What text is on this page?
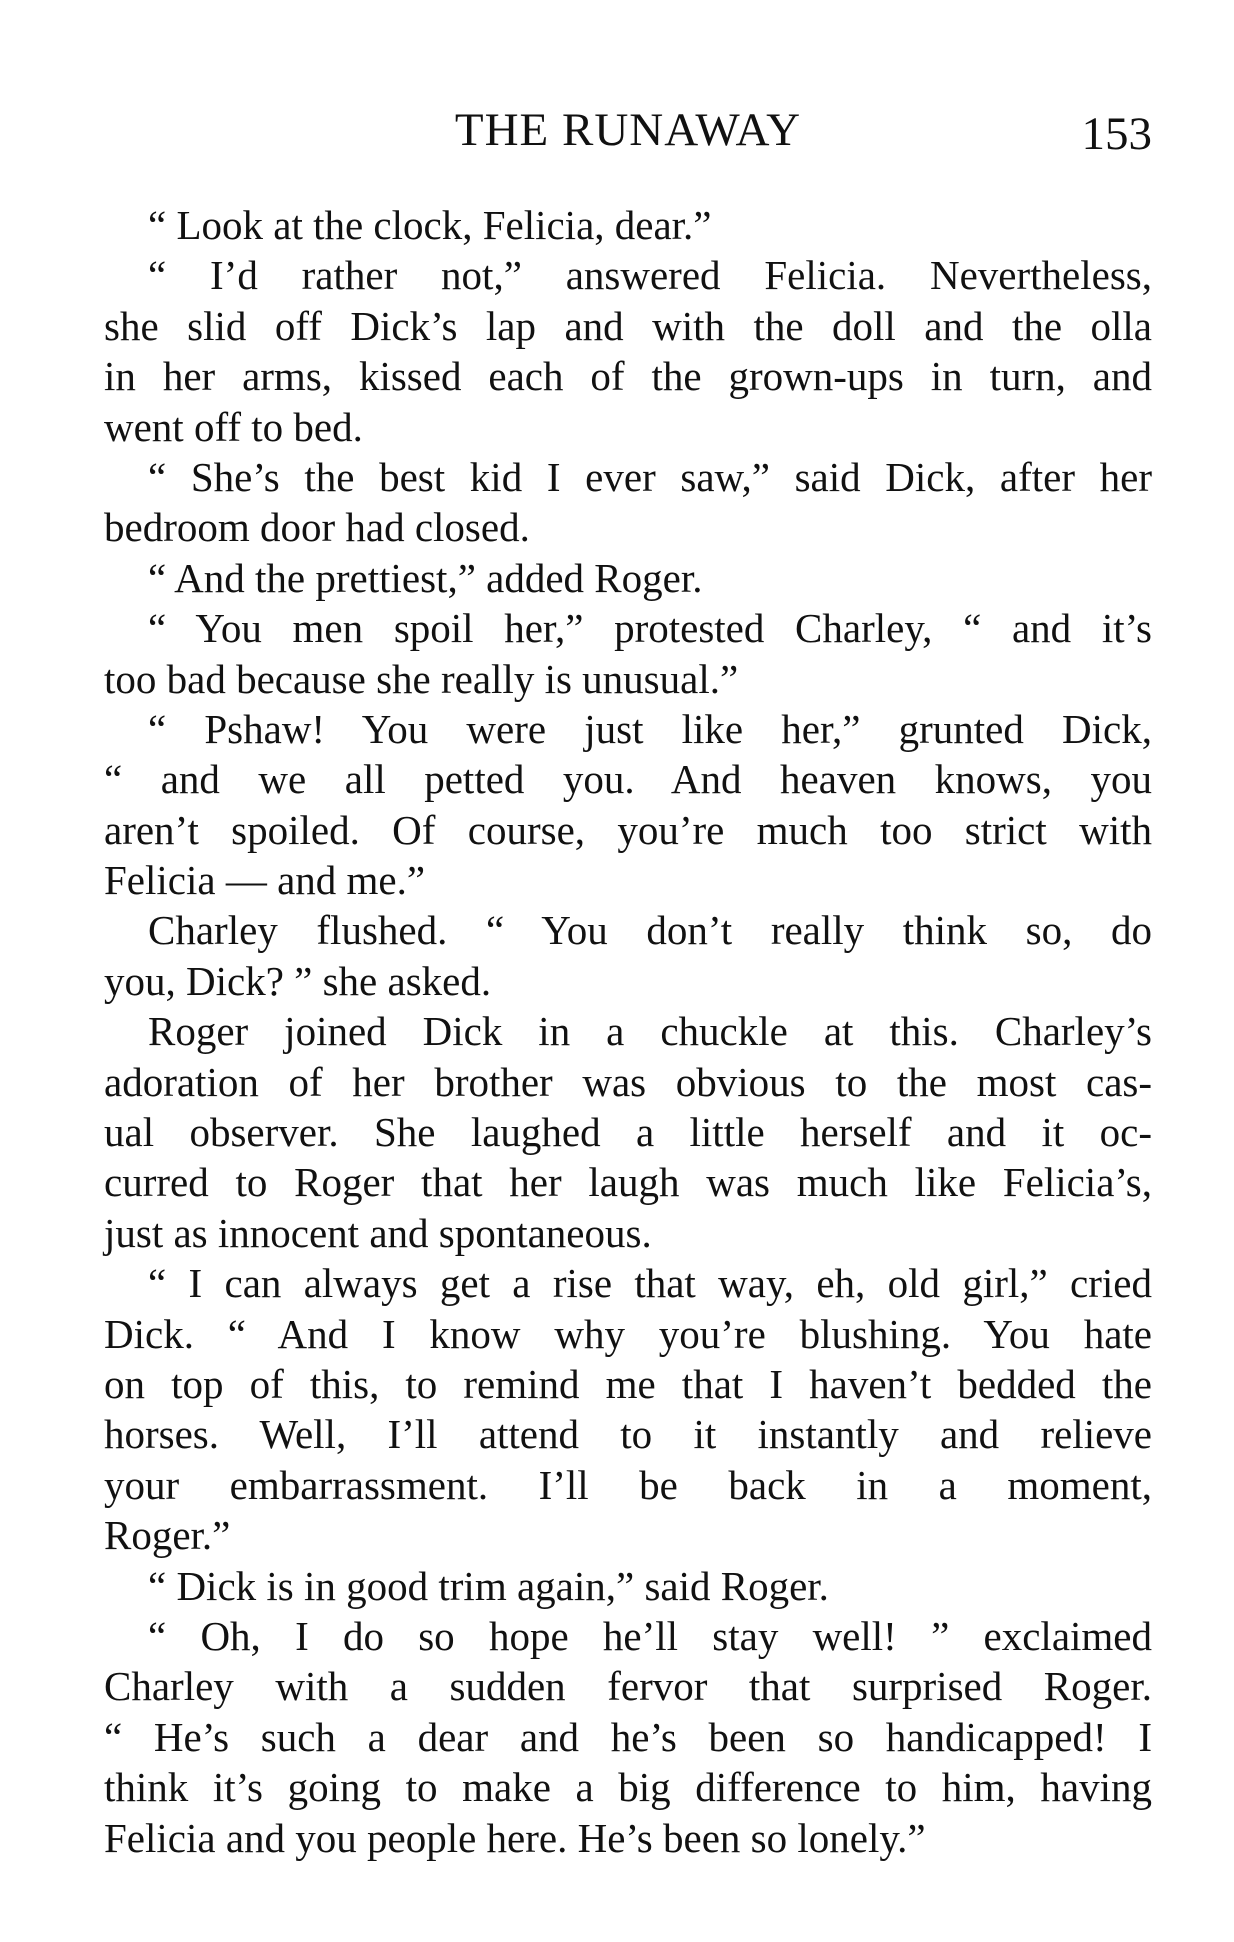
THE RUNAWAY	153
“ Look at the clock, Felicia, dear.”
“ I’d rather not,” answered Felicia. Nevertheless,
she slid off Dick’s lap and with the doll and the olla
in her arms, kissed each of the grown-ups in turn, and
went off to bed.
“ She’s the best kid I ever saw,” said Dick, after her
bedroom door had closed.
“ And the prettiest,” added Roger.
“ You men spoil her,” protested Charley, “ and it’s
too bad because she really is unusual.”
“ Pshaw! You were just like her,” grunted Dick,
“ and we all petted you. And heaven knows, you
aren’t spoiled. Of course, you’re much too strict with
Felicia — and me.”
Charley flushed. “ You don’t really think so, do
you, Dick? ” she asked.
Roger joined Dick in a chuckle at this. Charley’s
adoration of her brother was obvious to the most cas-
ual observer. She laughed a little herself and it oc-
curred to Roger that her laugh was much like Felicia’s,
just as innocent and spontaneous.
“ I can always get a rise that way, eh, old girl,” cried
Dick. “ And I know why you’re blushing. You hate
on top of this, to remind me that I haven’t bedded the
horses. Well, I’ll attend to it instantly and relieve
your embarrassment. I’ll be back in a moment,
Roger.”
“ Dick is in good trim again,” said Roger.
“ Oh, I do so hope he’ll stay well! ” exclaimed
Charley with a sudden fervor that surprised Roger.
“ He’s such a dear and he’s been so handicapped! I
think it’s going to make a big difference to him, having
Felicia and you people here. He’s been so lonely.”
